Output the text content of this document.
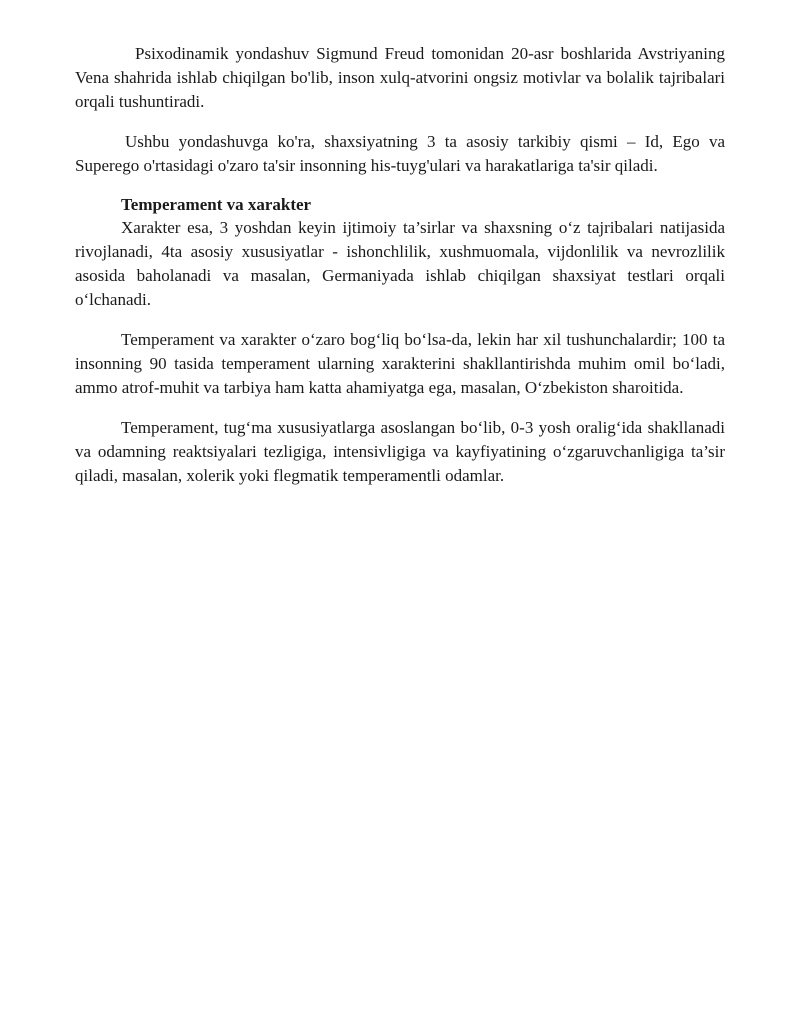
Psixodinamik yondashuv Sigmund Freud tomonidan 20-asr boshlarida Avstriyaning Vena shahrida ishlab chiqilgan bo'lib, inson xulq-atvorini ongsiz motivlar va bolalik tajribalari orqali tushuntiradi.

Ushbu yondashuvga ko'ra, shaxsiyatning 3 ta asosiy tarkibiy qismi – Id, Ego va Superego o'rtasidagi o'zaro ta'sir insonning his-tuyg'ulari va harakatlariga ta'sir qiladi.

Temperament va xarakter

Xarakter esa, 3 yoshdan keyin ijtimoiy ta’sirlar va shaxsning o‘z tajribalari natijasida rivojlanadi, 4ta asosiy xususiyatlar - ishonchlilik, xushmuomala, vijdonlilik va nevrozlilik asosida baholanadi va masalan, Germaniyada ishlab chiqilgan shaxsiyat testlari orqali o‘lchanadi.

Temperament va xarakter o‘zaro bog‘liq bo‘lsa-da, lekin har xil tushunchalardir; 100 ta insonning 90 tasida temperament ularning xarakterini shakllantirishda muhim omil bo‘ladi, ammo atrof-muhit va tarbiya ham katta ahamiyatga ega, masalan, O‘zbekiston sharoitida.

Temperament, tug‘ma xususiyatlarga asoslangan bo‘lib, 0-3 yosh oralig‘ida shakllanadi va odamning reaktsiyalari tezligiga, intensivligiga va kayfiyatining o‘zgaruvchanligiga ta’sir qiladi, masalan, xolerik yoki flegmatik temperamentli odamlar.
